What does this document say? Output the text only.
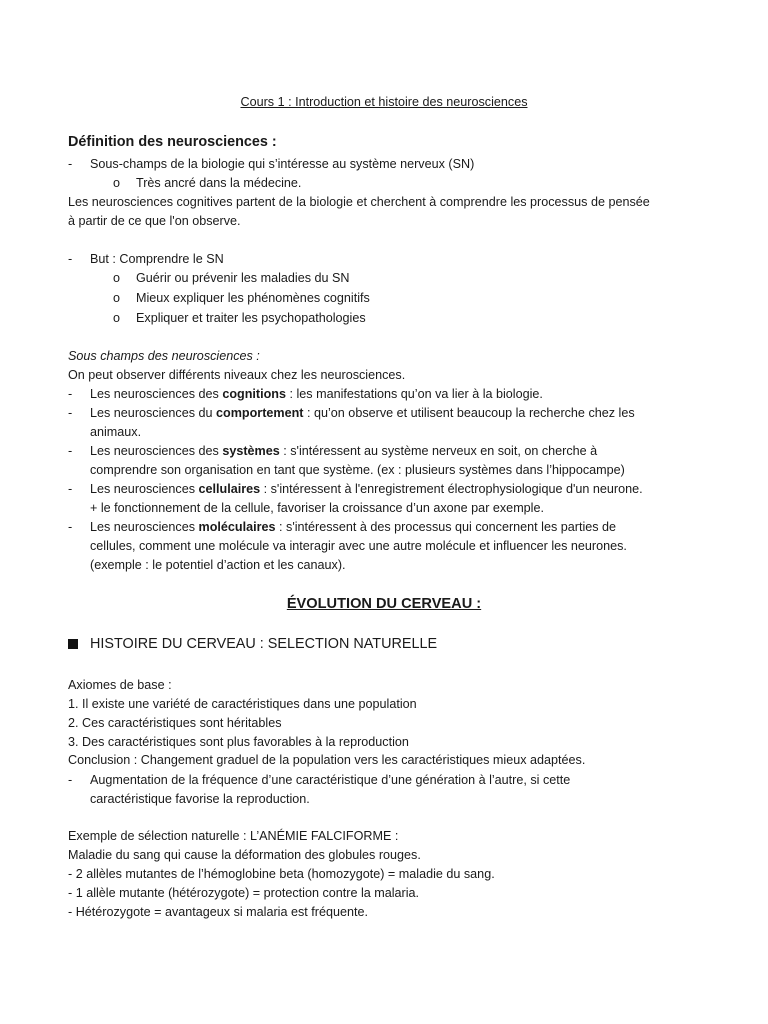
Cours 1 : Introduction et histoire des neurosciences
Définition des neurosciences :
- Sous-champs de la biologie qui s’intéresse au système nerveux (SN)
o Très ancré dans la médecine.
Les neurosciences cognitives partent de la biologie et cherchent à comprendre les processus de pensée
à partir de ce que l'on observe.
- But : Comprendre le SN
o Guérir ou prévenir les maladies du SN
o Mieux expliquer les phénomènes cognitifs
o Expliquer et traiter les psychopathologies
Sous champs des neurosciences :
On peut observer différents niveaux chez les neurosciences.
- Les neurosciences des cognitions : les manifestations qu’on va lier à la biologie.
- Les neurosciences du comportement : qu’on observe et utilisent beaucoup la recherche chez les
animaux.
- Les neurosciences des systèmes : s'intéressent au système nerveux en soit, on cherche à
comprendre son organisation en tant que système. (ex : plusieurs systèmes dans l’hippocampe)
- Les neurosciences cellulaires : s'intéressent à l'enregistrement électrophysiologique d'un neurone.
+ le fonctionnement de la cellule, favoriser la croissance d’un axone par exemple.
- Les neurosciences moléculaires : s'intéressent à des processus qui concernent les parties de
cellules, comment une molécule va interagir avec une autre molécule et influencer les neurones.
(exemple : le potentiel d’action et les canaux).
ÉVOLUTION DU CERVEAU :
HISTOIRE DU CERVEAU : SELECTION NATURELLE
Axiomes de base :
1. Il existe une variété de caractéristiques dans une population
2. Ces caractéristiques sont héritables
3. Des caractéristiques sont plus favorables à la reproduction
Conclusion : Changement graduel de la population vers les caractéristiques mieux adaptées.
- Augmentation de la fréquence d’une caractéristique d’une génération à l’autre, si cette
caractéristique favorise la reproduction.
Exemple de sélection naturelle : L’ANÉMIE FALCIFORME :
Maladie du sang qui cause la déformation des globules rouges.
- 2 allèles mutantes de l’hémoglobine beta (homozygote) = maladie du sang.
- 1 allèle mutante (hétérozygote) = protection contre la malaria.
- Hétérozygote = avantageux si malaria est fréquente.
